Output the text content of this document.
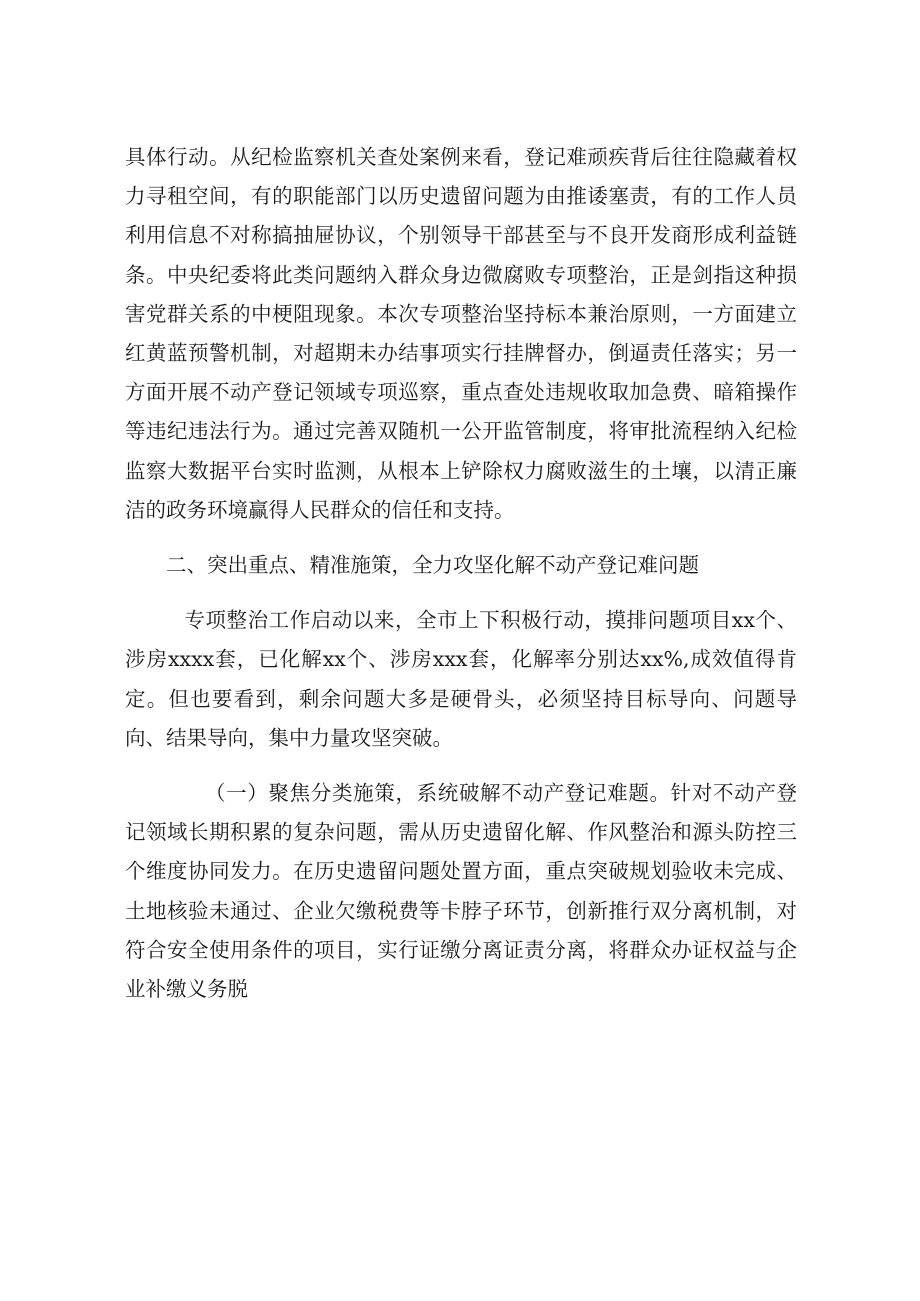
具体行动。从纪检监察机关查处案例来看，登记难顽疾背后往往隐藏着权力寻租空间，有的职能部门以历史遗留问题为由推诿塞责，有的工作人员利用信息不对称搞抽屉协议，个别领导干部甚至与不良开发商形成利益链条。中央纪委将此类问题纳入群众身边微腐败专项整治，正是剑指这种损害党群关系的中梗阻现象。本次专项整治坚持标本兼治原则，一方面建立红黄蓝预警机制，对超期未办结事项实行挂牌督办，倒逼责任落实；另一方面开展不动产登记领域专项巡察，重点查处违规收取加急费、暗箱操作等违纪违法行为。通过完善双随机一公开监管制度，将审批流程纳入纪检监察大数据平台实时监测，从根本上铲除权力腐败滋生的土壤，以清正廉洁的政务环境赢得人民群众的信任和支持。

二、突出重点、精准施策，全力攻坚化解不动产登记难问题

专项整治工作启动以来，全市上下积极行动，摸排问题项目xx个、涉房xxxx套，已化解xx个、涉房xxx套，化解率分别达xx%,成效值得肯定。但也要看到，剩余问题大多是硬骨头，必须坚持目标导向、问题导向、结果导向，集中力量攻坚突破。

（一）聚焦分类施策，系统破解不动产登记难题。针对不动产登记领域长期积累的复杂问题，需从历史遗留化解、作风整治和源头防控三个维度协同发力。在历史遗留问题处置方面，重点突破规划验收未完成、土地核验未通过、企业欠缴税费等卡脖子环节，创新推行双分离机制，对符合安全使用条件的项目，实行证缴分离证责分离，将群众办证权益与企业补缴义务脱
